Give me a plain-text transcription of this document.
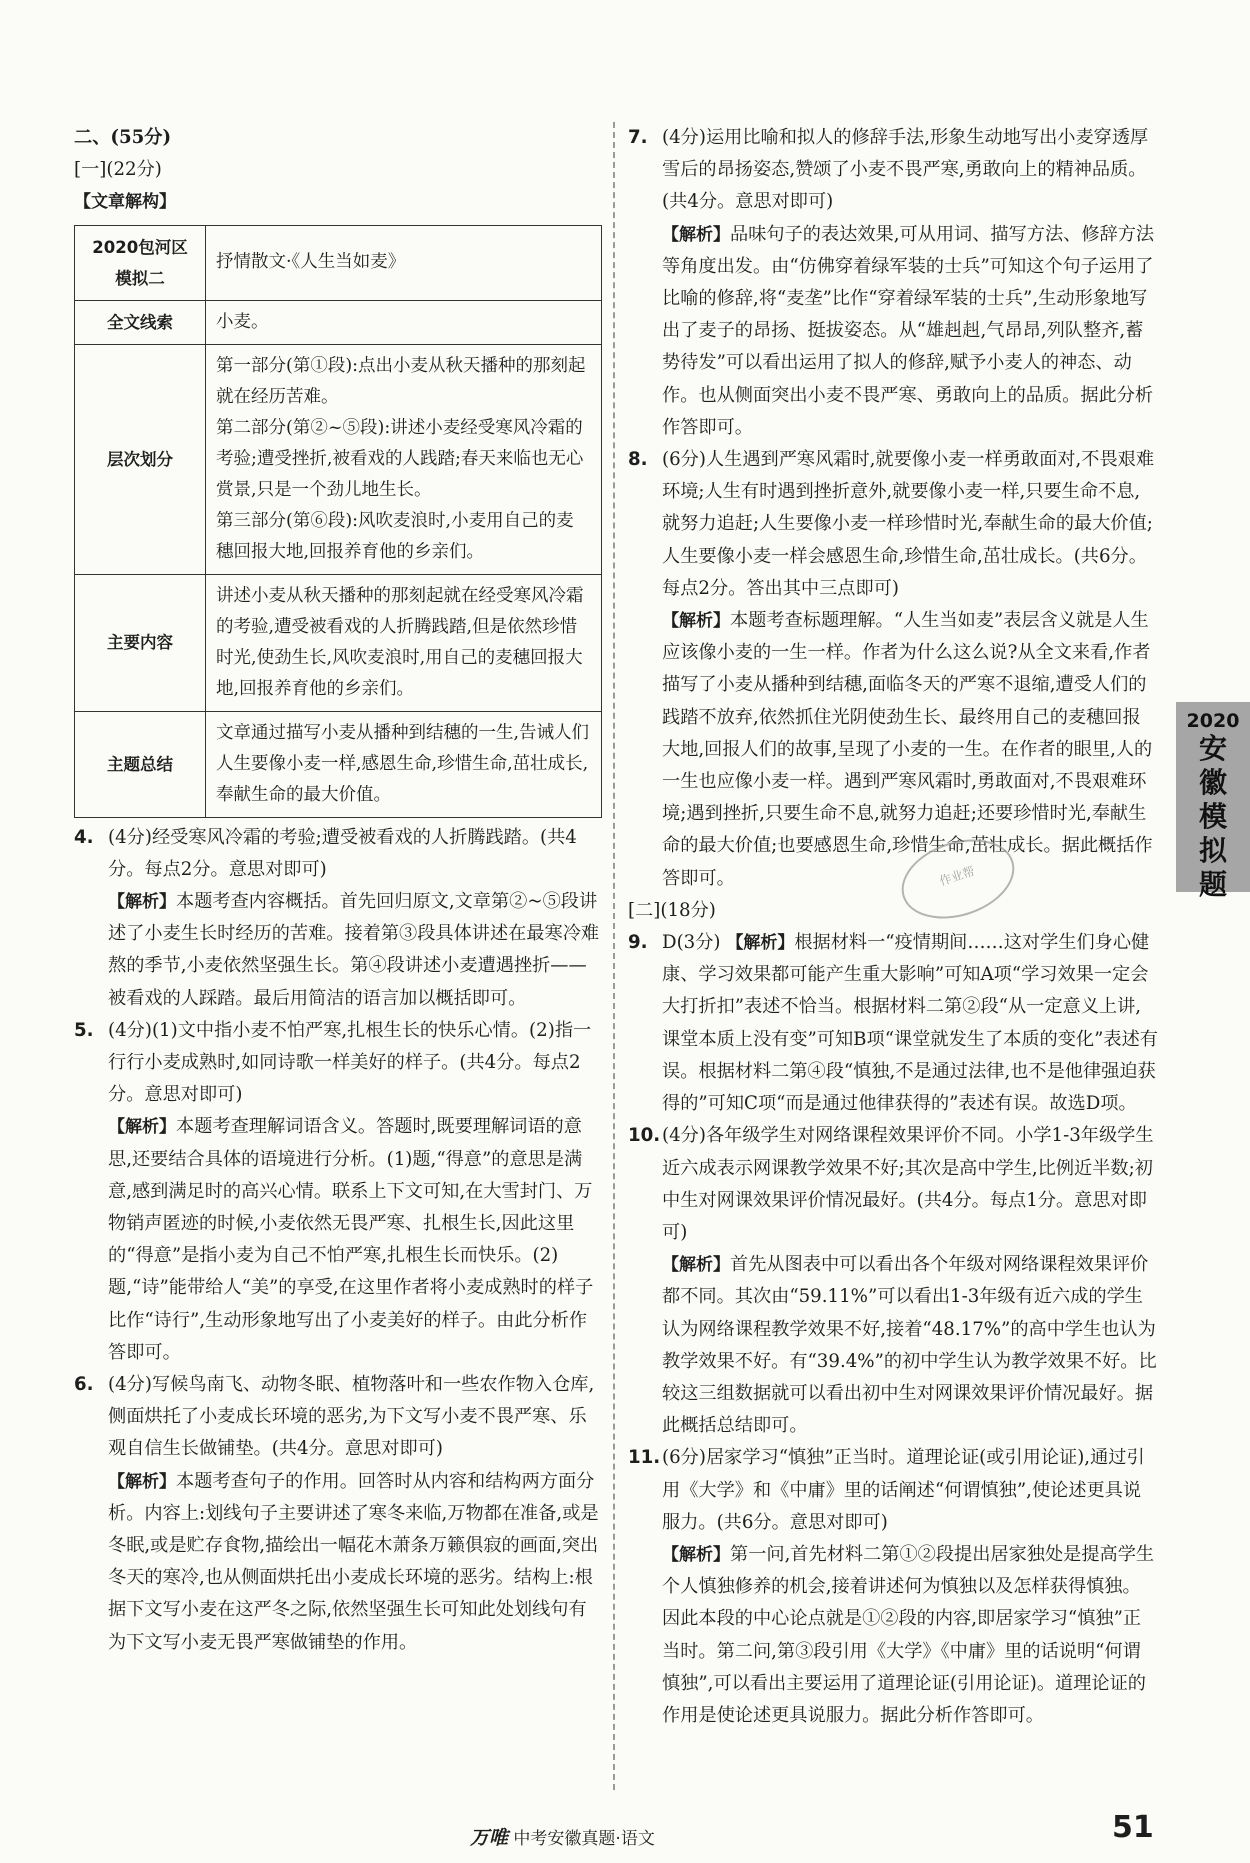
二、(55分)

[一](22分)

【文章解构】

2020包河区模拟二	抒情散文·《人生当如麦》
全文线索	小麦。
层次划分	第一部分(第①段):点出小麦从秋天播种的那刻起就在经历苦难。
第二部分(第②~⑤段):讲述小麦经受寒风冷霜的考验;遭受挫折,被看戏的人践踏;春天来临也无心赏景,只是一个劲儿地生长。
第三部分(第⑥段):风吹麦浪时,小麦用自己的麦穗回报大地,回报养育他的乡亲们。

主要内容	讲述小麦从秋天播种的那刻起就在经受寒风冷霜的考验,遭受被看戏的人折腾践踏,但是依然珍惜时光,使劲生长,风吹麦浪时,用自己的麦穗回报大地,回报养育他的乡亲们。
主题总结	文章通过描写小麦从播种到结穗的一生,告诫人们人生要像小麦一样,感恩生命,珍惜生命,茁壮成长,奉献生命的最大价值。
4. (4分)经受寒风冷霜的考验;遭受被看戏的人折腾践踏。(共4分。每点2分。意思对即可)
【解析】本题考查内容概括。首先回归原文,文章第②~⑤段讲述了小麦生长时经历的苦难。接着第③段具体讲述在最寒冷难熬的季节,小麦依然坚强生长。第④段讲述小麦遭遇挫折——被看戏的人踩踏。最后用简洁的语言加以概括即可。
5. (4分)(1)文中指小麦不怕严寒,扎根生长的快乐心情。(2)指一行行小麦成熟时,如同诗歌一样美好的样子。(共4分。每点2分。意思对即可)
【解析】本题考查理解词语含义。答题时,既要理解词语的意思,还要结合具体的语境进行分析。(1)题,“得意”的意思是满意,感到满足时的高兴心情。联系上下文可知,在大雪封门、万物销声匿迹的时候,小麦依然无畏严寒、扎根生长,因此这里的“得意”是指小麦为自己不怕严寒,扎根生长而快乐。(2)题,“诗”能带给人“美”的享受,在这里作者将小麦成熟时的样子比作“诗行”,生动形象地写出了小麦美好的样子。由此分析作答即可。
6. (4分)写候鸟南飞、动物冬眠、植物落叶和一些农作物入仓库,侧面烘托了小麦成长环境的恶劣,为下文写小麦不畏严寒、乐观自信生长做铺垫。(共4分。意思对即可)
【解析】本题考查句子的作用。回答时从内容和结构两方面分析。内容上:划线句子主要讲述了寒冬来临,万物都在准备,或是冬眠,或是贮存食物,描绘出一幅花木萧条万籁俱寂的画面,突出冬天的寒冷,也从侧面烘托出小麦成长环境的恶劣。结构上:根据下文写小麦在这严冬之际,依然坚强生长可知此处划线句有为下文写小麦无畏严寒做铺垫的作用。
7. (4分)运用比喻和拟人的修辞手法,形象生动地写出小麦穿透厚雪后的昂扬姿态,赞颂了小麦不畏严寒,勇敢向上的精神品质。(共4分。意思对即可)
【解析】品味句子的表达效果,可从用词、描写方法、修辞方法等角度出发。由“仿佛穿着绿军装的士兵”可知这个句子运用了比喻的修辞,将“麦垄”比作“穿着绿军装的士兵”,生动形象地写出了麦子的昂扬、挺拔姿态。从“雄赳赳,气昂昂,列队整齐,蓄势待发”可以看出运用了拟人的修辞,赋予小麦人的神态、动作。也从侧面突出小麦不畏严寒、勇敢向上的品质。据此分析作答即可。
8. (6分)人生遇到严寒风霜时,就要像小麦一样勇敢面对,不畏艰难环境;人生有时遇到挫折意外,就要像小麦一样,只要生命不息,就努力追赶;人生要像小麦一样珍惜时光,奉献生命的最大价值;人生要像小麦一样会感恩生命,珍惜生命,茁壮成长。(共6分。每点2分。答出其中三点即可)
【解析】本题考查标题理解。“人生当如麦”表层含义就是人生应该像小麦的一生一样。作者为什么这么说?从全文来看,作者描写了小麦从播种到结穗,面临冬天的严寒不退缩,遭受人们的践踏不放弃,依然抓住光阴使劲生长、最终用自己的麦穗回报大地,回报人们的故事,呈现了小麦的一生。在作者的眼里,人的一生也应像小麦一样。遇到严寒风霜时,勇敢面对,不畏艰难环境;遇到挫折,只要生命不息,就努力追赶;还要珍惜时光,奉献生命的最大价值;也要感恩生命,珍惜生命,茁壮成长。据此概括作答即可。

[二](18分)

9. D(3分) 【解析】根据材料一“疫情期间……这对学生们身心健康、学习效果都可能产生重大影响”可知A项“学习效果一定会大打折扣”表述不恰当。根据材料二第②段“从一定意义上讲,课堂本质上没有变”可知B项“课堂就发生了本质的变化”表述有误。根据材料二第④段“慎独,不是通过法律,也不是他律强迫获得的”可知C项“而是通过他律获得的”表述有误。故选D项。
10. (4分)各年级学生对网络课程效果评价不同。小学1-3年级学生近六成表示网课教学效果不好;其次是高中学生,比例近半数;初中生对网课效果评价情况最好。(共4分。每点1分。意思对即可)
【解析】首先从图表中可以看出各个年级对网络课程效果评价都不同。其次由“59.11%”可以看出1-3年级有近六成的学生认为网络课程教学效果不好,接着“48.17%”的高中学生也认为教学效果不好。有“39.4%”的初中学生认为教学效果不好。比较这三组数据就可以看出初中生对网课效果评价情况最好。据此概括总结即可。
11. (6分)居家学习“慎独”正当时。道理论证(或引用论证),通过引用《大学》和《中庸》里的话阐述“何谓慎独”,使论述更具说服力。(共6分。意思对即可)
【解析】第一问,首先材料二第①②段提出居家独处是提高学生个人慎独修养的机会,接着讲述何为慎独以及怎样获得慎独。因此本段的中心论点就是①②段的内容,即居家学习“慎独”正当时。第二问,第③段引用《大学》《中庸》里的话说明“何谓慎独”,可以看出主要运用了道理论证(引用论证)。道理论证的作用是使论述更具说服力。据此分析作答即可。
2020
安
徽
模
拟
题
作业帮
万唯 中考安徽真题·语文	51
